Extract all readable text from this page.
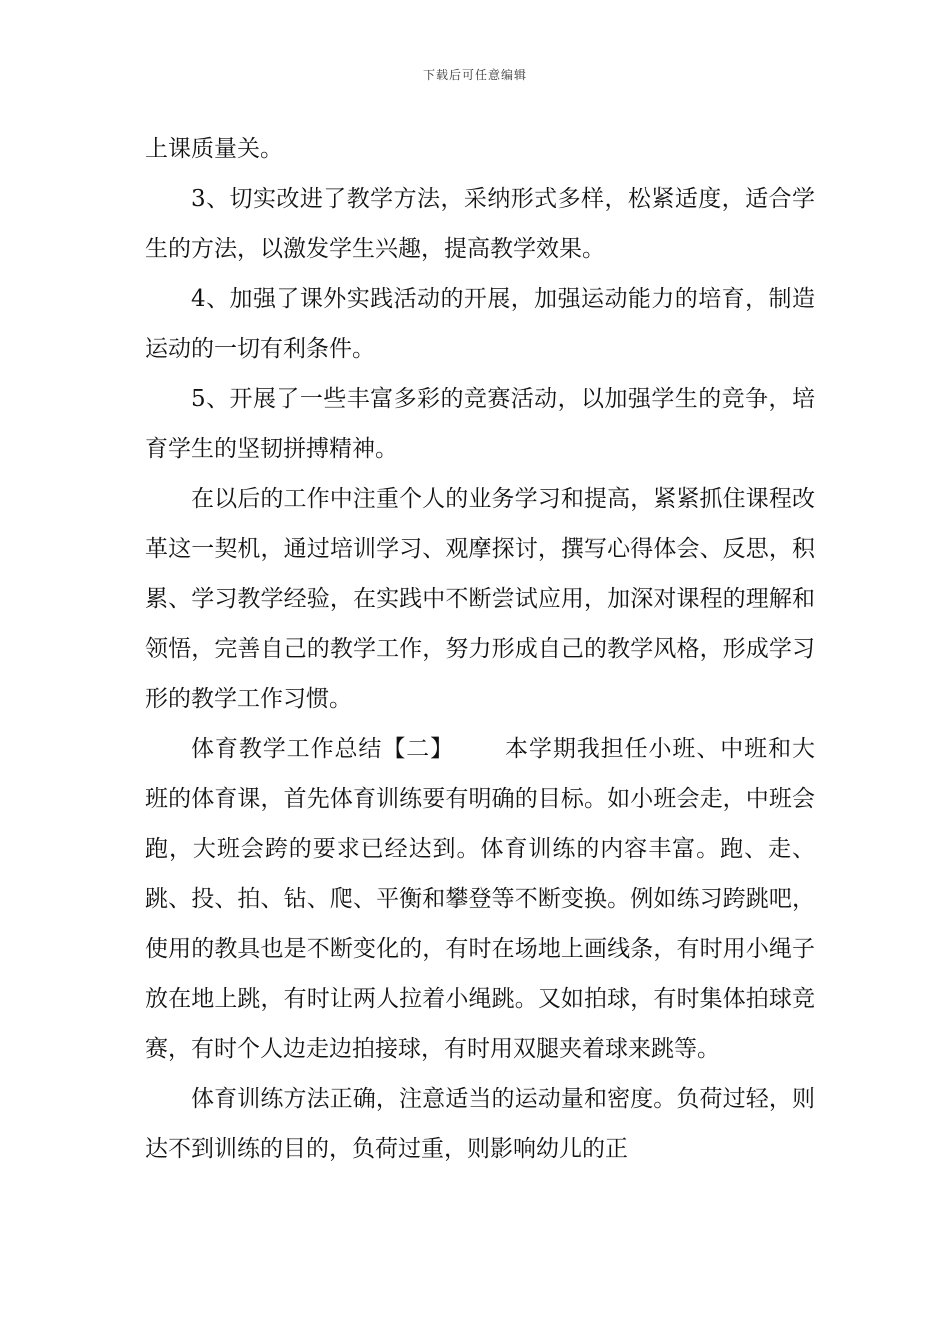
下载后可任意编辑

上课质量关。

3、切实改进了教学方法，采纳形式多样，松紧适度，适合学生的方法，以激发学生兴趣，提高教学效果。

4、加强了课外实践活动的开展，加强运动能力的培育，制造运动的一切有利条件。

5、开展了一些丰富多彩的竞赛活动，以加强学生的竞争，培育学生的坚韧拼搏精神。

在以后的工作中注重个人的业务学习和提高，紧紧抓住课程改革这一契机，通过培训学习、观摩探讨，撰写心得体会、反思，积累、学习教学经验，在实践中不断尝试应用，加深对课程的理解和领悟，完善自己的教学工作，努力形成自己的教学风格，形成学习形的教学工作习惯。

体育教学工作总结【二】 本学期我担任小班、中班和大班的体育课，首先体育训练要有明确的目标。如小班会走，中班会跑，大班会跨的要求已经达到。体育训练的内容丰富。跑、走、跳、投、拍、钻、爬、平衡和攀登等不断变换。例如练习跨跳吧，使用的教具也是不断变化的，有时在场地上画线条，有时用小绳子放在地上跳，有时让两人拉着小绳跳。又如拍球，有时集体拍球竞赛，有时个人边走边拍接球，有时用双腿夹着球来跳等。

体育训练方法正确，注意适当的运动量和密度。负荷过轻，则达不到训练的目的，负荷过重，则影响幼儿的正
